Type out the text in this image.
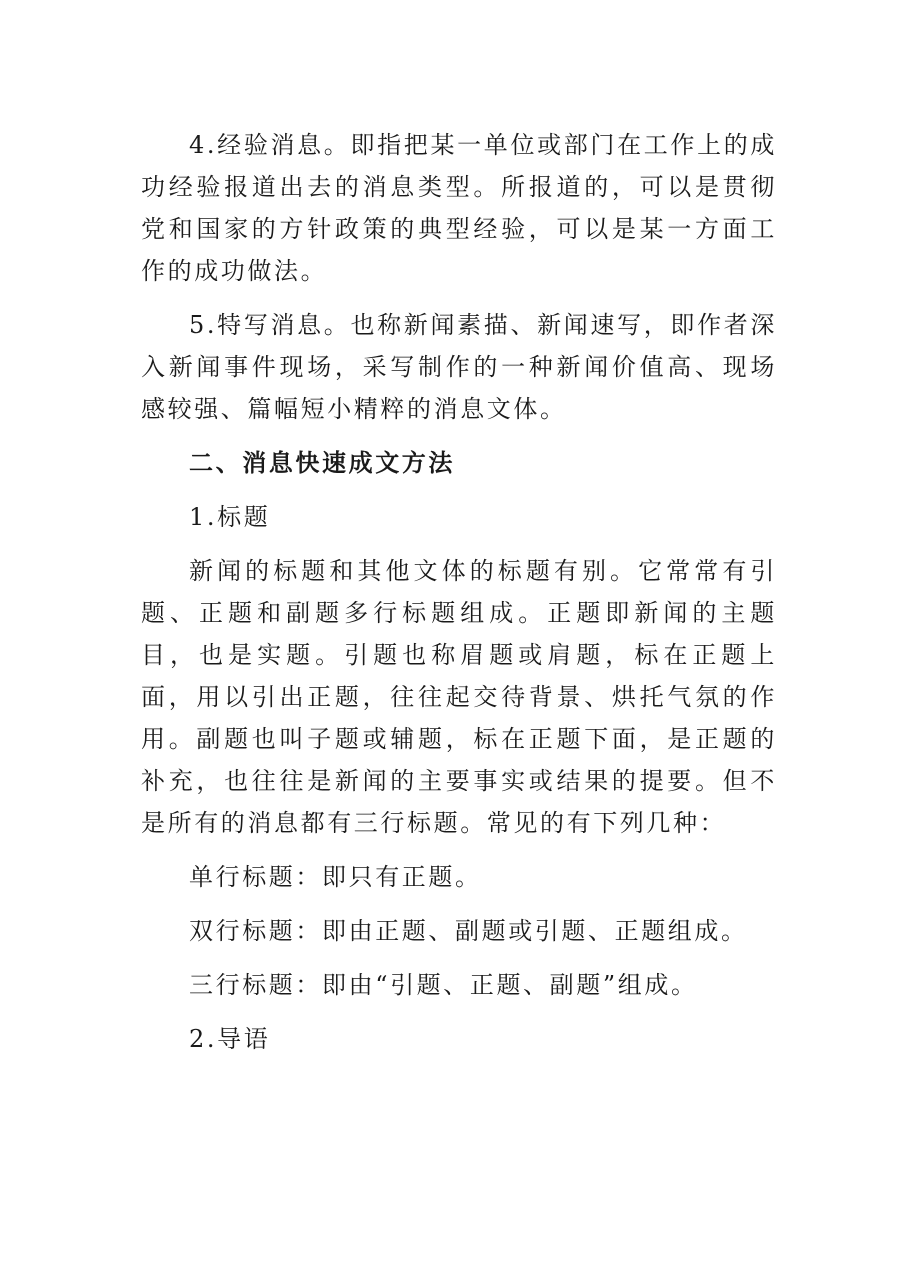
4.经验消息。即指把某一单位或部门在工作上的成功经验报道出去的消息类型。所报道的，可以是贯彻党和国家的方针政策的典型经验，可以是某一方面工作的成功做法。

5.特写消息。也称新闻素描、新闻速写，即作者深入新闻事件现场，采写制作的一种新闻价值高、现场感较强、篇幅短小精粹的消息文体。

二、消息快速成文方法

1.标题

新闻的标题和其他文体的标题有别。它常常有引题、正题和副题多行标题组成。正题即新闻的主题目，也是实题。引题也称眉题或肩题，标在正题上面，用以引出正题，往往起交待背景、烘托气氛的作用。副题也叫子题或辅题，标在正题下面，是正题的补充，也往往是新闻的主要事实或结果的提要。但不是所有的消息都有三行标题。常见的有下列几种：

单行标题：即只有正题。

双行标题：即由正题、副题或引题、正题组成。

三行标题：即由“引题、正题、副题”组成。

2.导语
